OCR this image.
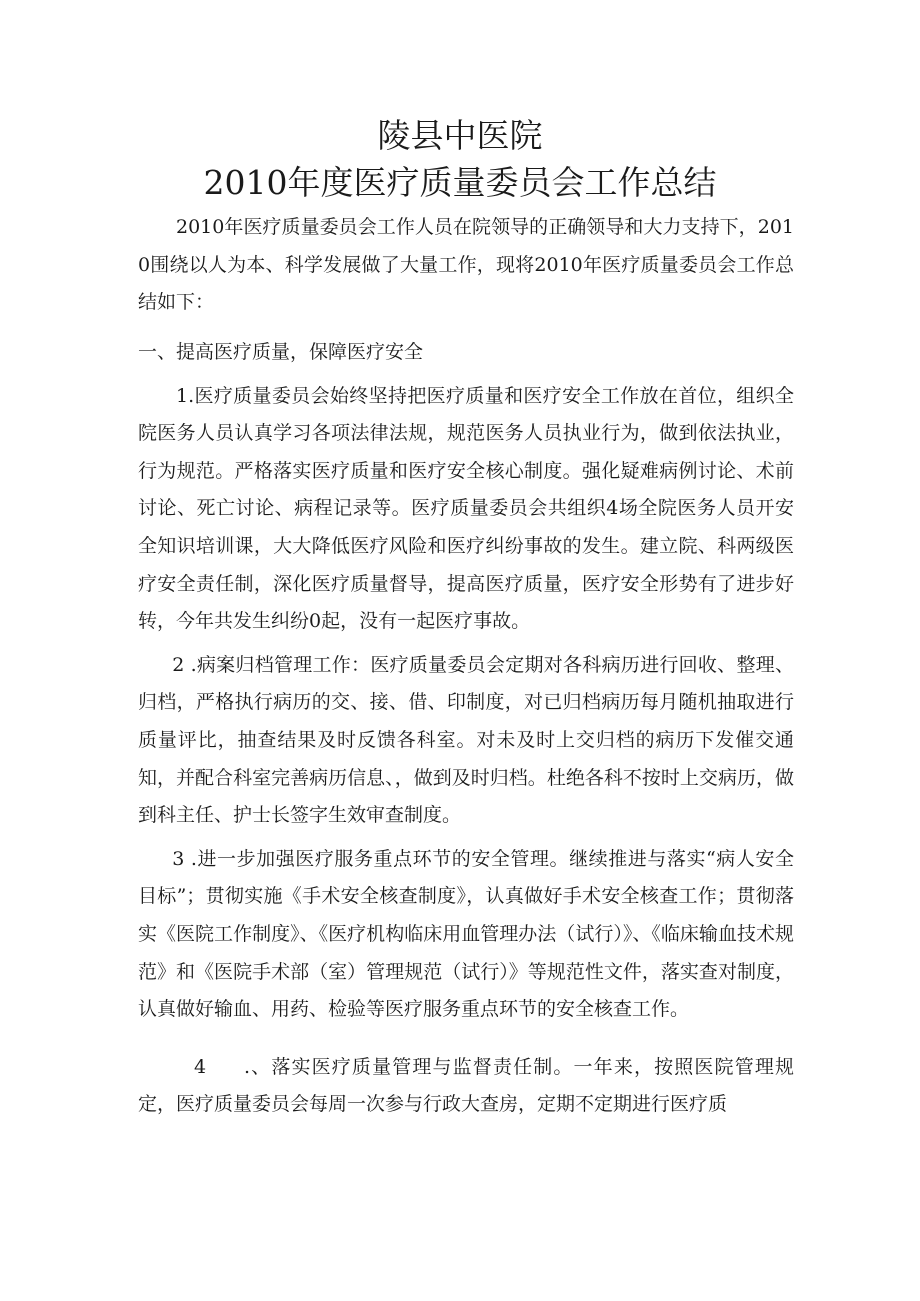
陵县中医院
2010年度医疗质量委员会工作总结

2010年医疗质量委员会工作人员在院领导的正确领导和大力支持下，2010围绕以人为本、科学发展做了大量工作，现将2010年医疗质量委员会工作总结如下：

一、提高医疗质量，保障医疗安全

1.医疗质量委员会始终坚持把医疗质量和医疗安全工作放在首位，组织全院医务人员认真学习各项法律法规，规范医务人员执业行为，做到依法执业，行为规范。严格落实医疗质量和医疗安全核心制度。强化疑难病例讨论、术前讨论、死亡讨论、病程记录等。医疗质量委员会共组织4场全院医务人员开安全知识培训课，大大降低医疗风险和医疗纠纷事故的发生。建立院、科两级医疗安全责任制，深化医疗质量督导，提高医疗质量，医疗安全形势有了进步好转，今年共发生纠纷0起，没有一起医疗事故。

2 .病案归档管理工作：医疗质量委员会定期对各科病历进行回收、整理、归档，严格执行病历的交、接、借、印制度，对已归档病历每月随机抽取进行质量评比，抽查结果及时反馈各科室。对未及时上交归档的病历下发催交通知，并配合科室完善病历信息、，做到及时归档。杜绝各科不按时上交病历，做到科主任、护士长签字生效审查制度。

3 .进一步加强医疗服务重点环节的安全管理。继续推进与落实“病人安全目标”；贯彻实施《手术安全核查制度》，认真做好手术安全核查工作；贯彻落实《医院工作制度》、《医疗机构临床用血管理办法（试行）》、《临床输血技术规范》和《医院手术部（室）管理规范（试行）》等规范性文件，落实查对制度，认真做好输血、用药、检验等医疗服务重点环节的安全核查工作。

4 .、落实医疗质量管理与监督责任制。一年来，按照医院管理规定，医疗质量委员会每周一次参与行政大查房，定期不定期进行医疗质
